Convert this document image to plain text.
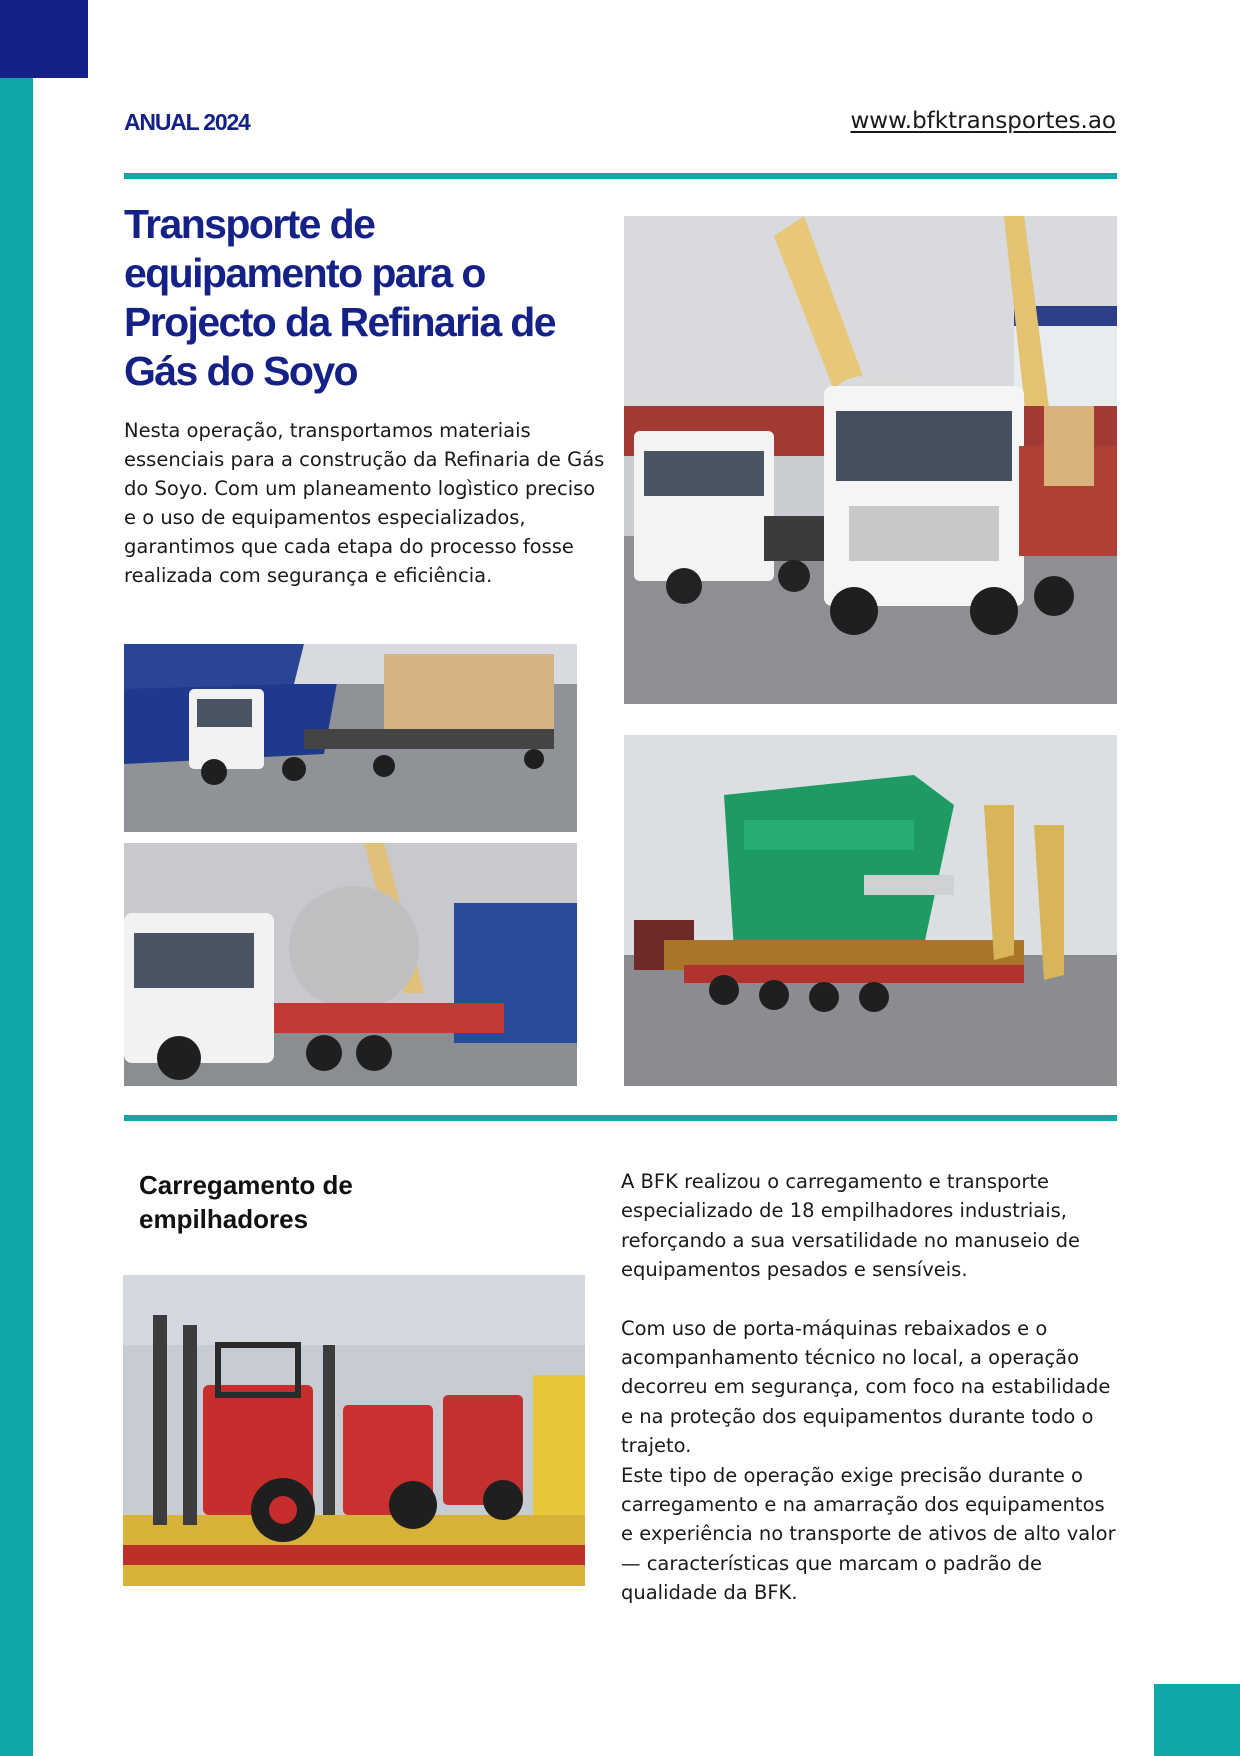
ANUAL 2024	www.bfktransportes.ao
Transporte de equipamento para o Projecto da Refinaria de Gás do Soyo

Nesta operação, transportamos materiais essenciais para a construção da Refinaria de Gás do Soyo. Com um planeamento logìstico preciso e o uso de equipamentos especializados, garantimos que cada etapa do processo fosse realizada com segurança e eficiência.

Carregamento de empilhadores

A BFK realizou o carregamento e transporte especializado de 18 empilhadores industriais, reforçando a sua versatilidade no manuseio de equipamentos pesados e sensíveis.

Com uso de porta-máquinas rebaixados e o acompanhamento técnico no local, a operação decorreu em segurança, com foco na estabilidade e na proteção dos equipamentos durante todo o trajeto.

Este tipo de operação exige precisão durante o carregamento e na amarração dos equipamentos e experiência no transporte de ativos de alto valor — características que marcam o padrão de qualidade da BFK.
